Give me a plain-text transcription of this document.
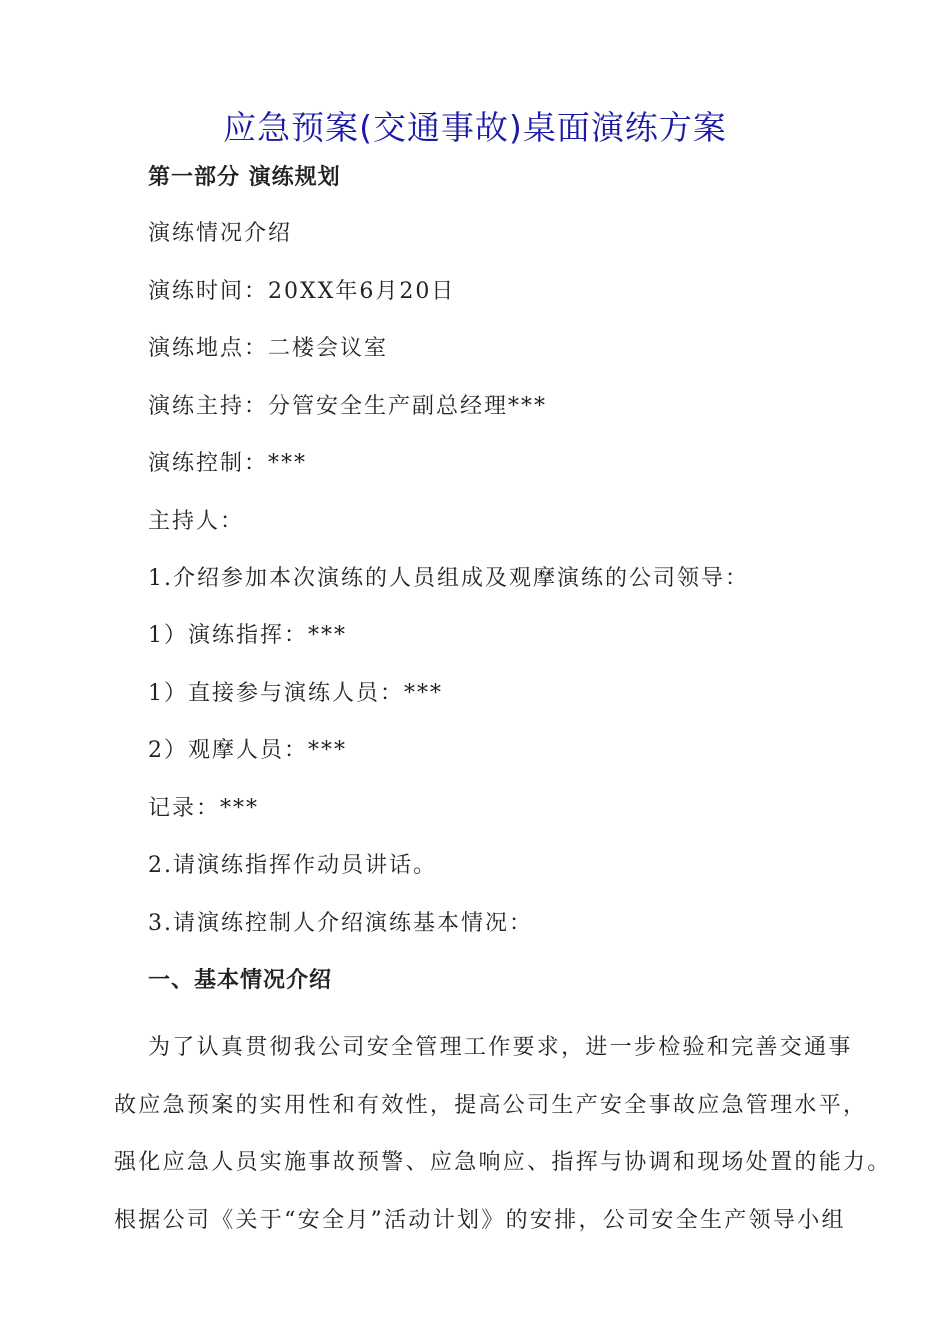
应急预案(交通事故)桌面演练方案
第一部分 演练规划
演练情况介绍
演练时间：20XX年6月20日
演练地点：二楼会议室
演练主持：分管安全生产副总经理***
演练控制：***
主持人：
1.介绍参加本次演练的人员组成及观摩演练的公司领导：
1）演练指挥：***
1）直接参与演练人员：***
2）观摩人员：***
记录：***
2.请演练指挥作动员讲话。
3.请演练控制人介绍演练基本情况：
一、基本情况介绍
为了认真贯彻我公司安全管理工作要求，进一步检验和完善交通事
故应急预案的实用性和有效性，提高公司生产安全事故应急管理水平，
强化应急人员实施事故预警、应急响应、指挥与协调和现场处置的能力。
根据公司《关于“安全月”活动计划》的安排，公司安全生产领导小组
